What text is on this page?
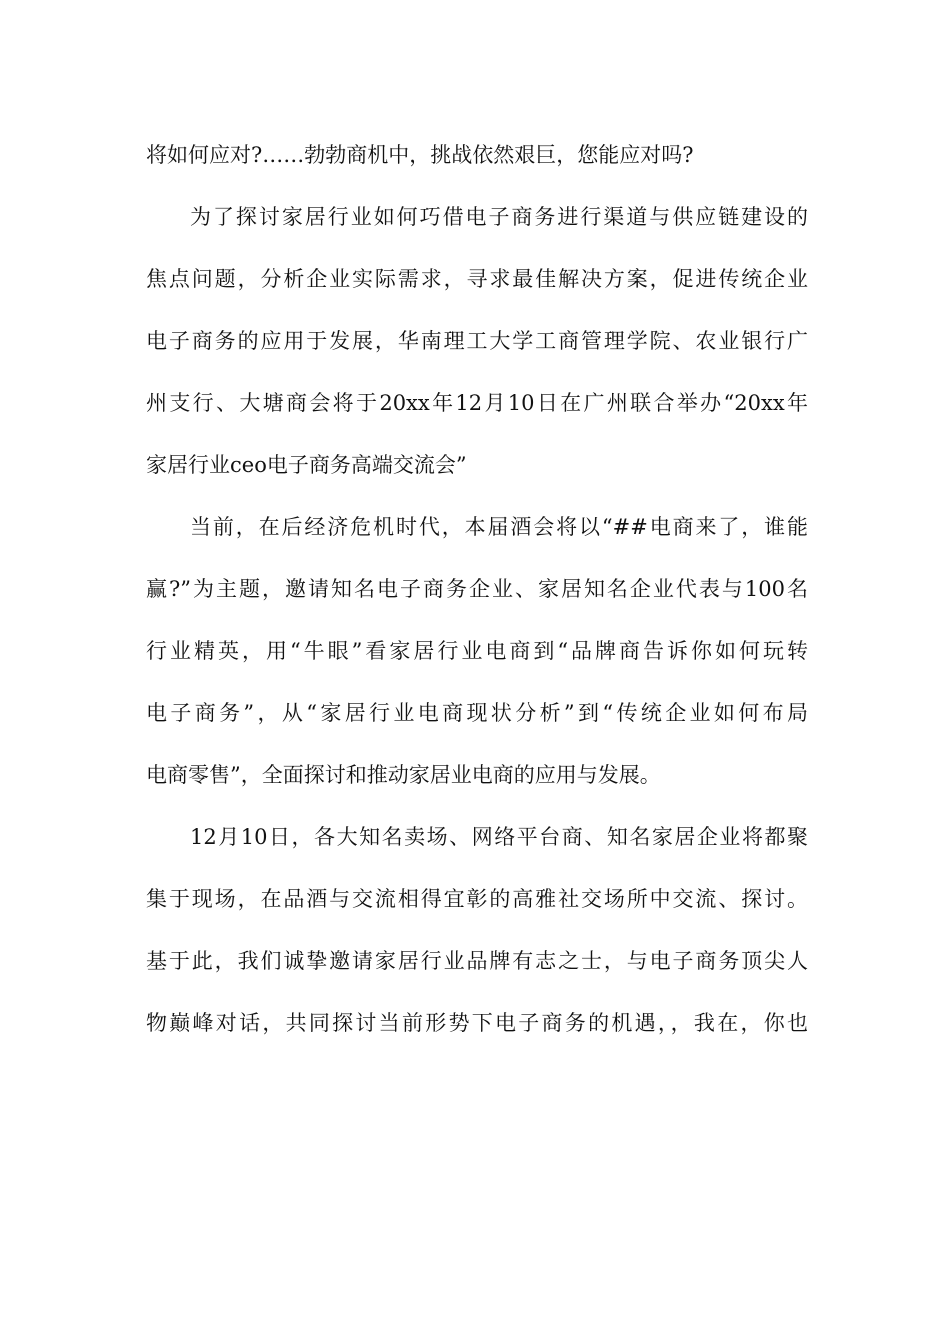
将如何应对?……勃勃商机中，挑战依然艰巨，您能应对吗?
为了探讨家居行业如何巧借电子商务进行渠道与供应链建设的
焦点问题，分析企业实际需求，寻求最佳解决方案，促进传统企业
电子商务的应用于发展，华南理工大学工商管理学院、农业银行广
州支行、大塘商会将于20xx年12月10日在广州联合举办“20xx年
家居行业ceo电子商务高端交流会”
当前，在后经济危机时代，本届酒会将以“##电商来了，谁能
赢?”为主题，邀请知名电子商务企业、家居知名企业代表与100名
行业精英，用“牛眼”看家居行业电商到“品牌商告诉你如何玩转
电子商务”，从“家居行业电商现状分析”到“传统企业如何布局
电商零售”，全面探讨和推动家居业电商的应用与发展。
12月10日，各大知名卖场、网络平台商、知名家居企业将都聚
集于现场，在品酒与交流相得宜彰的高雅社交场所中交流、探讨。
基于此，我们诚挚邀请家居行业品牌有志之士，与电子商务顶尖人
物巅峰对话，共同探讨当前形势下电子商务的机遇，，我在，你也
